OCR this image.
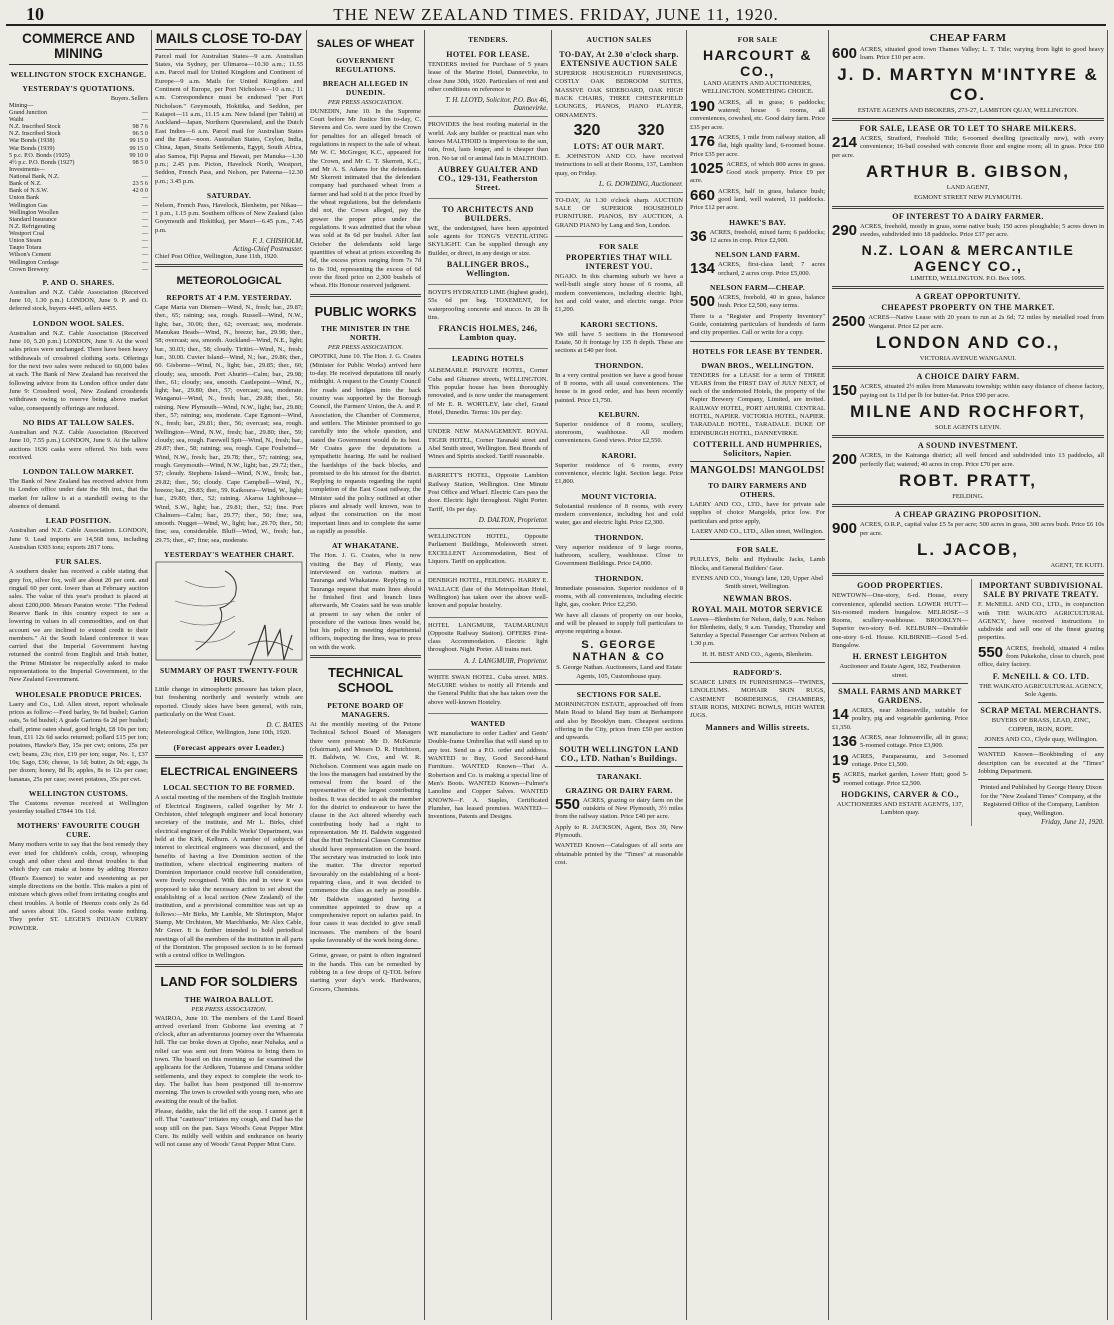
10	THE NEW ZEALAND TIMES. FRIDAY, JUNE 11, 1920.
COMMERCE AND MINING
WELLINGTON STOCK EXCHANGE.
YESTERDAY'S QUOTATIONS.
	Buyers.	Sellers
Mining—		
Grand Junction	—	
Waihi	—	
N.Z. Inscribed Stock	98 7 6	
N.Z. Inscribed Stock	96 5 0	
War Bonds (1938)	99 15 0	
War Bonds (1939)	99 15 0	
5 p.c. P.O. Bonds (1925)	99 10 0	
4½ p.c. P.O. Bonds (1927)	98 5 0	
Investments—		
National Bank, N.Z.	—	
Bank of N.Z.	23 5 6	
Bank of N.S.W.	42 0 0	
Union Bank	—	
Wellington Gas	—	
Wellington Woollen	—	
Standard Insurance	—	
N.Z. Refrigerating	—	
Westport Coal	—	
Union Steam	—	
Taupo Totara	—	
Wilson's Cement	—	
Wellington Cordage	—	
Crown Brewery	—	
P. AND O. SHARES.

Australian and N.Z. Cable Association (Received June 10, 1.30 p.m.) LONDON, June 9. P. and O. deferred stock, buyers 4445, sellers 4455.

LONDON WOOL SALES.

Australian and N.Z. Cable Association (Received June 10, 5.20 p.m.) LONDON, June 9. At the wool sales prices were unchanged. There have been heavy withdrawals of crossbred clothing sorts. Offerings for the next two sales were reduced to 60,000 bales at each. The Bank of New Zealand has received the following advice from its London office under date June 9: Crossbred wool, New Zealand crossbreds withdrawn owing to reserve being above market value, consequently offerings are reduced.

NO BIDS AT TALLOW SALES.

Australian and N.Z. Cable Association (Received June 10, 7.55 p.m.) LONDON, June 9. At the tallow auctions 1636 casks were offered. No bids were received.

LONDON TALLOW MARKET.

The Bank of New Zealand has received advice from its London office under date the 9th inst., that the market for tallow is at a standstill owing to the absence of demand.

LEAD POSITION.

Australian and N.Z. Cable Association. LONDON, June 9. Lead imports are 14,568 tons, including Australian 6303 tons; exports 2817 tons.

FUR SALES.

A southern dealer has received a cable stating that grey fox, silver fox, wolf are about 20 per cent. and ringtail 60 per cent. lower than at February auction sales. The value of this year's product is placed at about £200,000. Messrs Paraton wrote: "The Federal Reserve Bank in this country expect to see a lowering in values in all commodities, and on that account we are inclined to extend credit to their members." At the South Island conference it was carried that the Imperial Government having returned the control from English and Irish butter, the Prime Minister be respectfully asked to make representations to the Imperial Government, to the New Zealand Government.

WHOLESALE PRODUCE PRICES.

Laery and Co., Ltd. Allen street, report wholesale prices as follow:—Feed barley, 9s 6d bushel; Garton oats, 5s 6d bushel; A grade Gartons 6s 2d per bushel; chaff, prime oaten sheaf, good bright, £8 10s per ton; bran, £11 12s 6d sacks returned; pollard £15 per ton; potatoes, Hawke's Bay, 15s per cwt; onions, 25s per cwt; beans, 23s; rice, £19 per ton; sugar, No. 1, £37 10s; Sago, £36; cheese, 1s 1d; butter, 2s 9d; eggs, 3s per dozen; honey, 8d lb; apples, 8s to 12s per case; bananas, 25s per case; sweet potatoes, 35s per cwt.

WELLINGTON CUSTOMS.

The Customs revenue received at Wellington yesterday totalled £7844 10s 11d.

MOTHERS' FAVOURITE COUGH CURE.

Many mothers write to say that the best remedy they ever tried for children's colds, croup, whooping cough and other chest and throat troubles is that which they can make at home by adding Heenzo (Hean's Essence) to water and sweetening as per simple directions on the bottle. This makes a pint of mixture which gives relief from irritating coughs and chest troubles. A bottle of Heenzo costs only 2s 6d and saves about 10s. Good cooks waste nothing. They prefer ST. LEGER'S INDIAN CURRY POWDER.

MAILS CLOSE TO-DAY

Parcel mail for Australian States—9 a.m. Australian States, via Sydney, per Ulimaroa—10.30 a.m.; 11.55 a.m. Parcel mail for United Kingdom and Continent of Europe—9 a.m. Mails for United Kingdom and Continent of Europe, per Port Nicholson—10 a.m.; 11 a.m. Correspondence must be endorsed "per Port Nicholson." Greymouth, Hokitika, and Seddon, per Kaiapoi—11 a.m., 11.15 a.m. New Island (per Tahiti) at Auckland—Japan, Northern Queensland, and the Dutch East Indies—6 a.m. Parcel mail for Australian States and the East—noon. Australian States, Ceylon, India, China, Japan, Straits Settlements, Egypt, South Africa, also Samoa, Fiji Papua and Hawaii, per Manuka—1.30 p.m.; 2.45 p.m. Picton, Havelock North, Westport, Seddon, French Pass, and Nelson, per Pateena—12.30 p.m.; 3.45 p.m.

SATURDAY.

Nelson, French Pass, Havelock, Blenheim, per Nikau—1 p.m., 1.15 p.m. Southern offices of New Zealand (also Greymouth and Hokitika), per Maori—6.45 p.m., 7.45 p.m.

F. J. CHISHOLM,
Acting-Chief Postmaster.

Chief Post Office, Wellington, June 11th, 1920.

METEOROLOGICAL
REPORTS AT 4 P.M. YESTERDAY.

Cape Maria van Diemen—Wind, N., fresh; bar., 29.87; ther., 65; raining; sea, rough. Russell—Wind, N.W., light; bar., 30.06; ther., 62; overcast; sea, moderate. Manukau Heads—Wind, N., breeze; bar., 29.98; ther., 58; overcast; sea, smooth. Auckland—Wind, N.E., light; bar., 30.03; ther., 58; cloudy. Tiritiri—Wind, N., fresh; bar., 30.00. Cuvier Island—Wind, N.; bar., 29.86; ther., 60. Gisborne—Wind, N., light; bar., 29.85; ther., 60; cloudy; sea, smooth. Port Ahuriri—Calm; bar., 29.98; ther., 61; cloudy; sea, smooth. Castlepoint—Wind, N., light; bar., 29.80; ther., 57; overcast; sea, moderate. Wanganui—Wind, N., fresh; bar., 29.88; ther., 56; raining. New Plymouth—Wind, N.W., light; bar., 29.80; ther., 57; raining; sea, moderate. Cape Egmont—Wind, N., fresh; bar., 29.81; ther., 56; overcast; sea, rough. Wellington—Wind, N.W., fresh; bar., 29.80; ther., 59; cloudy; sea, rough. Farewell Spit—Wind, N., fresh; bar., 29.87; ther., 58; raining; sea, rough. Cape Foulwind—Wind, N.W., fresh; bar., 29.78; ther., 57; raining; sea, rough. Greymouth—Wind, N.W., light; bar., 29.72; ther., 57; cloudy. Stephens Island—Wind, N.W., fresh; bar., 29.82; ther., 56; cloudy. Cape Campbell—Wind, N., breeze; bar., 29.83; ther., 59. Kaikoura—Wind, W., light; bar., 29.80; ther., 52; raining. Akaroa Lighthouse—Wind, S.W., light; bar., 29.81; ther., 52; fine. Port Chalmers—Calm; bar., 29.77; ther., 50; fine; sea, smooth. Nugget—Wind, W., light; bar., 29.70; ther., 50; fine; sea, considerable. Bluff—Wind, W., fresh; bar., 29.75; ther., 47; fine; sea, moderate.

YESTERDAY'S WEATHER CHART.
SUMMARY OF PAST TWENTY-FOUR HOURS.

Little change in atmospheric pressure has taken place, but freshening northerly and westerly winds are reported. Cloudy skies have been general, with rain, particularly on the West Coast.

D. C. BATES

Meteorological Office, Wellington, June 10th, 1920.

(Forecast appears over Leader.)
ELECTRICAL ENGINEERS
LOCAL SECTION TO BE FORMED.

A social meeting of the members of the English Institute of Electrical Engineers, called together by Mr J. Orchiston, chief telegraph engineer and local honorary secretary of the institute, and Mr L. Birks, chief electrical engineer of the Public Works' Department, was held at the Kirk, Kelburn. A number of subjects of interest to electrical engineers was discussed, and the benefits of having a live Dominion section of the institution, where electrical engineering matters of Dominion importance could receive full consideration, were freely recognised. With this end in view it was proposed to take the necessary action to set about the establishing of a local section (New Zealand) of the institution, and a provisional committee was set up as follows:—Mr Birks, Mr Lamble, Mr Shrimpton, Major Stamp, Mr Orchiston, Mr Marchbanks, Mr Alex Cable, Mr Greer. It is further intended to hold periodical meetings of all the members of the institution in all parts of the Dominion. The proposed section is to be formed with a central office in Wellington.

LAND FOR SOLDIERS
THE WAIROA BALLOT.
PER PRESS ASSOCIATION.

WAIROA, June 10. The members of the Land Board arrived overland from Gisborne last evening at 7 o'clock, after an adventurous journey over the Wharerata hill. The car broke down at Opoho, near Nuhaka, and a relief car was sent out from Wairoa to bring them to town. The board on this morning so far examined the applicants for the Ardkeen, Tutamoe and Omana soldier settlements, and they expect to complete the work to-day. The ballot has been postponed till to-morrow morning. The town is crowded with young men, who are awaiting the result of the ballot.

Please, daddie, take the lid off the soup. I cannot get it off. That "cautious" irritates my cough, and Dad has the soup still on the pan. Says Wood's Great Pepper Mint Cure. Its mildly well within and endurance on hearty will not cause any of Woods' Great Pepper Mint Cure.

SALES OF WHEAT
GOVERNMENT REGULATIONS.
BREACH ALLEGED IN DUNEDIN.
PER PRESS ASSOCIATION.

DUNEDIN, June 10. In the Supreme Court before Mr Justice Sim to-day, C. Stevens and Co. were sued by the Crown for penalties for an alleged breach of regulations in respect to the sale of wheat. Mr W. C. McGregor, K.C., appeared for the Crown, and Mr C. T. Skerrett, K.C., and Mr A. S. Adams for the defendants. Mr Skerrett intimated that the defendant company had purchased wheat from a farmer and had sold it at the price fixed by the wheat regulations, but the defendants did not, the Crown alleged, pay the grower the proper price under the regulations. It was admitted that the wheat was sold at 8s 6d per bushel. After last October the defendants sold large quantities of wheat at prices exceeding 8s 6d, the excess prices ranging from 7s 7d to 8s 10d, representing the excess of 6d over the fixed price on 2,300 bushels of wheat. His Honour reserved judgment.

PUBLIC WORKS
THE MINISTER IN THE NORTH.
PER PRESS ASSOCIATION.

OPOTIKI, June 10. The Hon. J. G. Coates (Minister for Public Works) arrived here to-day. He received deputations till nearly midnight. A request to the County Council for roads and bridges into the back country was supported by the Borough Council, the Farmers' Union, the A. and P. Association, the Chamber of Commerce, and settlers. The Minister promised to go carefully into the whole question, and stated the Government would do its best. Mr Coates gave the deputations a sympathetic hearing. He said he realised the hardships of the back blocks, and promised to do his utmost for the district. Replying to requests regarding the rapid completion of the East Coast railway, the Minister said the policy outlined at other places and already well known, was to adjust the construction on the most important lines and to complete the same as rapidly as possible.

AT WHAKATANE.

The Hon. J. G. Coates, who is now visiting the Bay of Plenty, was interviewed on various matters at Tauranga and Whakatane. Replying to a Tauranga request that main lines should be finished first and branch lines afterwards, Mr Coates said he was unable at present to say when the order of procedure of the various lines would be, but his policy in meeting departmental officers, inspecting the lines, was to press on with the work.

TECHNICAL SCHOOL
PETONE BOARD OF MANAGERS.

At the monthly meeting of the Petone Technical School Board of Managers there were present: Mr D. McKenzie (chairman), and Messrs D. R. Hutchison, H. Baldwin, W. Cox, and W. R. Nicholson. Comment was again made on the loss the managers had sustained by the removal from the board of the representative of the largest contributing bodies. It was decided to ask the member for the district to endeavour to have the clause in the Act altered whereby each contributing body had a right to representation. Mr H. Baldwin suggested that the Hutt Technical Classes Committee should have representation on the board. The secretary was instructed to look into the matter. The director reported favourably on the establishing of a boot-repairing class, and it was decided to commence the class as early as possible. Mr Baldwin suggested having a committee appointed to draw up a comprehensive report on salaries paid. In four cases it was decided to give small increases. The members of the board spoke favourably of the work being done.

Grime, grease, or paint is often ingrained in the hands. This can be remedied by rubbing in a few drops of Q-TOL before starting your day's work. Hardwares, Grocers, Chemists.

TENDERS.
HOTEL FOR LEASE.

TENDERS invited for Purchase of 5 years lease of the Marine Hotel, Dannevirke, to close June 30th, 1920. Particulars of rent and other conditions on reference to

T. H. LLOYD, Solicitor, P.O. Box 46, Dannevirke.

PROVIDES the best roofing material in the world. Ask any builder or practical man who knows MALTHOID is impervious to the sun, rain, frost, lasts longer, and is cheaper than iron. No tar oil or animal fats in MALTHOID.

AUBREY GUALTER AND CO., 129-131, Featherston Street.
TO ARCHITECTS AND BUILDERS.

WE, the undersigned, have been appointed sole agents for TONG'S VENTILATING SKYLIGHT. Can be supplied through any Builder, or direct, in any design or size.

BALLINGER BROS., Wellington.

BOYD'S HYDRATED LIME (highest grade), 55s 6d per bag. TOXEMENT, for waterproofing concrete and stucco. In 28 lb tins.

FRANCIS HOLMES, 246, Lambton quay.
LEADING HOTELS

ALBEMARLE PRIVATE HOTEL, Corner Cuba and Ghuznee streets, WELLINGTON. This popular house has been thoroughly renovated, and is now under the management of Mr E. R. WORTLEY, late chef, Grand Hotel, Dunedin. Terms: 10s per day.

UNDER NEW MANAGEMENT. ROYAL TIGER HOTEL, Corner Taranaki street and Abel Smith street, Wellington. Best Brands of Wines and Spirits stocked. Tariff reasonable.

BARRETT'S HOTEL, Opposite Lambton Railway Station, Wellington. One Minute Post Office and Wharf. Electric Cars pass the door. Electric light throughout. Night Porter. Tariff, 10s per day.

D. DALTON, Proprietor.

WELLINGTON HOTEL, Opposite Parliament Buildings, Molesworth street. EXCELLENT Accommodation, Best of Liquors. Tariff on application.

DENBIGH HOTEL, FEILDING. HARRY E. WALLACE (late of the Metropolitan Hotel, Wellington) has taken over the above well-known and popular hostelry.

HOTEL LANGMUIR, TAUMARUNUI (Opposite Railway Station). OFFERS First-class Accommodation. Electric light throughout. Night Porter. All trains met.

A. J. LANGMUIR, Proprietor.

WHITE SWAN HOTEL. Cuba street. MRS. McGUIRE wishes to notify all Friends and the General Public that she has taken over the above well-known Hostelry.

WANTED

WE manufacture to order Ladies' and Gents' Double-frame Umbrellas that will stand up to any test. Send us a P.O. order and address. WANTED to Buy, Good Second-hand Furniture. WANTED Known—That A. Robertson and Co. is making a special line of Men's Boots. WANTED Known—Fulmer's Lanoline and Copper Salves. WANTED KNOWN—F. A. Staples, Certificated Plumber, has leased premises. WANTED—Inventions, Patents and Designs.

AUCTION SALES
TO-DAY, At 2.30 o'clock sharp. EXTENSIVE AUCTION SALE

SUPERIOR HOUSEHOLD FURNISHINGS, COSTLY OAK BEDROOM SUITES, MASSIVE OAK SIDEBOARD, OAK HIGH BACK CHAIRS, THREE CHESTERFIELD LOUNGES, PIANOS, PIANO PLAYER, ORNAMENTS.

320 320
LOTS: AT OUR MART.

E. JOHNSTON AND CO. have received instructions to sell at their Rooms, 137, Lambton quay, on Friday.

L. G. DOWDING, Auctioneer.

TO-DAY, At 1.30 o'clock sharp. AUCTION SALE OF SUPERIOR HOUSEHOLD FURNITURE. PIANOS, BY AUCTION, A GRAND PIANO by Lang and Son, London.

FOR SALE
PROPERTIES THAT WILL INTEREST YOU.

NGAIO. In this charming suburb we have a well-built single story house of 6 rooms, all modern conveniences, including electric light, hot and cold water, and electric range. Price £1,200.

KARORI SECTIONS.

We still have 5 sections in the Homewood Estate, 50 ft frontage by 135 ft depth. These are sections at £40 per foot.

THORNDON.

In a very central position we have a good house of 8 rooms, with all usual conveniences. The house is in good order, and has been recently painted. Price £1,750.

KELBURN.

Superior residence of 8 rooms, scullery, storeroom, washhouse. All modern conveniences. Good views. Price £2,550.

KARORI.

Superior residence of 6 rooms, every convenience, electric light. Section large. Price £1,800.

MOUNT VICTORIA.

Substantial residence of 8 rooms, with every modern convenience, including hot and cold water, gas and electric light. Price £2,300.

THORNDON.

Very superior residence of 9 large rooms, bathroom, scullery, washhouse. Close to Government Buildings. Price £4,000.

THORNDON.

Immediate possession. Superior residence of 8 rooms, with all conveniences, including electric light, gas, cooker. Price £2,250.

We have all classes of property on our books, and will be pleased to supply full particulars to anyone requiring a house.

S. GEORGE NATHAN & CO

S. George Nathan. Auctioneers, Land and Estate Agents, 105, Customhouse quay.

SECTIONS FOR SALE.

MORNINGTON ESTATE, approached off from Main Road to Island Bay tram at Berhampore and also by Brooklyn tram. Cheapest sections offering in the City, prices from £50 per section and upwards.

SOUTH WELLINGTON LAND CO., LTD. Nathan's Buildings.
TARANAKI.
GRAZING OR DAIRY FARM.

550 ACRES, grazing or dairy farm on the outskirts of New Plymouth, 3½ miles from the railway station. Price £40 per acre.

Apply to R. JACKSON, Agent, Box 39, New Plymouth.

WANTED Known—Catalogues of all sorts are obtainable printed by the "Times" at reasonable cost.

FOR SALE
HARCOURT & CO.,

LAND AGENTS AND AUCTIONEERS, WELLINGTON. SOMETHING CHOICE.

190 ACRES, all in grass; 6 paddocks; watered; house 6 rooms, all conveniences, cowshed, etc. Good dairy farm. Price £35 per acre.

176 ACRES, 1 mile from railway station, all flat, high quality land, 6-roomed house. Price £35 per acre.

1025 ACRES, of which 800 acres in grass. Good stock property. Price £9 per acre.

660 ACRES, half in grass, balance bush; good land, well watered, 11 paddocks. Price £12 per acre.

HAWKE'S BAY.

36 ACRES, freehold, mixed farm; 6 paddocks; 12 acres in crop. Price £2,900.

NELSON LAND FARM.

134 ACRES, first-class land; 7 acres orchard, 2 acres crop. Price £5,000.

NELSON FARM—CHEAP.

500 ACRES, freehold, 40 in grass, balance bush. Price £2,500, easy terms.

There is a "Register and Property Inventory" Guide, containing particulars of hundreds of farm and city properties. Call or write for a copy.

HOTELS FOR LEASE BY TENDER.
DWAN BROS., WELLINGTON.

TENDERS for a LEASE for a term of THREE YEARS from the FIRST DAY of JULY NEXT, of each of the undernoted Hotels, the property of the Napier Brewery Company, Limited, are invited. RAILWAY HOTEL, PORT AHURIRI. CENTRAL HOTEL, NAPIER. VICTORIA HOTEL, NAPIER. TARADALE HOTEL, TARADALE. DUKE OF EDINBURGH HOTEL, DANNEVIRKE.

COTTERILL AND HUMPHRIES, Solicitors, Napier.
MANGOLDS! MANGOLDS!
TO DAIRY FARMERS AND OTHERS.

LAERY AND CO., LTD., have for private sale supplies of choice Mangolds, price low. For particulars and price apply,

LAERY AND CO., LTD., Allen street, Wellington.

FOR SALE.

PULLEYS, Belts and Hydraulic Jacks, Lamb Blocks, and General Builders' Gear.

EVENS AND CO., Young's lane, 120, Upper Abel Smith street, Wellington.

NEWMAN BROS.
ROYAL MAIL MOTOR SERVICE

Leaves—Blenheim for Nelson, daily, 9 a.m. Nelson for Blenheim, daily, 9 a.m. Tuesday, Thursday and Saturday a Special Passenger Car arrives Nelson at 1.30 p.m.

H. H. BEST AND CO., Agents, Blenheim.

RADFORD'S.

SCARCE LINES IN FURNISHINGS—TWINES, LINOLEUMS. MOHAIR SKIN RUGS, CASEMENT BORDERINGS, CHAMBERS, STAIR RODS, MIXING BOWLS, HIGH WATER JUGS.

Manners and Willis streets.
CHEAP FARM

600 ACRES, situated good town Thames Valley; L. T. Title; varying from light to good heavy loam. Price £10 per acre.

J. D. MARTYN M'INTYRE & CO.

ESTATE AGENTS AND BROKERS, 273-27, LAMBTON QUAY, WELLINGTON.

FOR SALE, LEASE OR TO LET TO SHARE MILKERS.

214 ACRES, Stratford, Freehold Title; 6-roomed dwelling (practically new), with every convenience; 16-bail cowshed with concrete floor and engine room; all in grass. Price £60 per acre.

ARTHUR B. GIBSON,

LAND AGENT,

EGMONT STREET NEW PLYMOUTH.

OF INTEREST TO A DAIRY FARMER.

290 ACRES, freehold, mostly in grass, some native bush; 150 acres ploughable; 5 acres down in swedes, subdivided into 18 paddocks. Price £37 per acre.

N.Z. LOAN & MERCANTILE AGENCY CO.,

LIMITED, WELLINGTON. P.O. Box 1095.

A GREAT OPPORTUNITY.
CHEAPEST PROPERTY ON THE MARKET.

2500 ACRES—Native Lease with 20 years to run at 2s 6d; 72 miles by metalled road from Wanganui. Price £2 per acre.

LONDON AND CO.,

VICTORIA AVENUE WANGANUI.

A CHOICE DAIRY FARM.

150 ACRES, situated 2½ miles from Manawatu township; within easy distance of cheese factory, paying out 1s 11d per lb for butter-fat. Price £90 per acre.

MILNE AND ROCHFORT,

SOLE AGENTS LEVIN.

A SOUND INVESTMENT.

200 ACRES, in the Kairanga district; all well fenced and subdivided into 13 paddocks, all perfectly flat; watered; 40 acres in crop. Price £70 per acre.

ROBT. PRATT,

FEILDING.

A CHEAP GRAZING PROPOSITION.

900 ACRES, O.R.P., capital value £5 5s per acre; 500 acres in grass, 300 acres bush. Price £6 10s per acre.

L. JACOB,

AGENT, TE KUITI.

GOOD PROPERTIES.

NEWTOWN—One-story, 6-rd. House, every convenience, splendid section. LOWER HUTT—Six-roomed modern bungalow. MELROSE—3 Rooms, scullery-washhouse. BROOKLYN—Superior two-story 8-rd. KELBURN—Desirable one-story 6-rd. House. KILBIRNIE—Good 5-rd. Bungalow.

H. ERNEST LEIGHTON

Auctioneer and Estate Agent, 182, Featherston street.

SMALL FARMS AND MARKET GARDENS.

14 ACRES, near Johnsonville, suitable for poultry, pig and vegetable gardening. Price £1,350.

136 ACRES, near Johnsonville, all in grass; 5-roomed cottage. Price £3,900.

19 ACRES, Paraparaumu, and 3-roomed cottage. Price £1,500.

5 ACRES, market garden, Lower Hutt; good 5-roomed cottage. Price £2,500.

HODGKINS, CARVER & CO.,

AUCTIONEERS AND ESTATE AGENTS, 137, Lambton quay.

IMPORTANT SUBDIVISIONAL SALE BY PRIVATE TREATY.

F. McNEILL AND CO., LTD., in conjunction with THE WAIKATO AGRICULTURAL AGENCY, have received instructions to subdivide and sell one of the finest grazing properties.

550 ACRES, freehold, situated 4 miles from Pukekohe, close to church, post office, dairy factory.

F. McNEILL & CO. LTD.

THE WAIKATO AGRICULTURAL AGENCY, Sole Agents.

SCRAP METAL MERCHANTS.

BUYERS OF BRASS, LEAD, ZINC, COPPER, IRON, ROPE.

JONES AND CO., Clyde quay, Wellington.

WANTED Known—Bookbinding of any description can be executed at the "Times" Jobbing Department.

Printed and Published by George Henry Dixon for the "New Zealand Times" Company, at the Registered Office of the Company, Lambton quay, Wellington.
Friday, June 11, 1920.
